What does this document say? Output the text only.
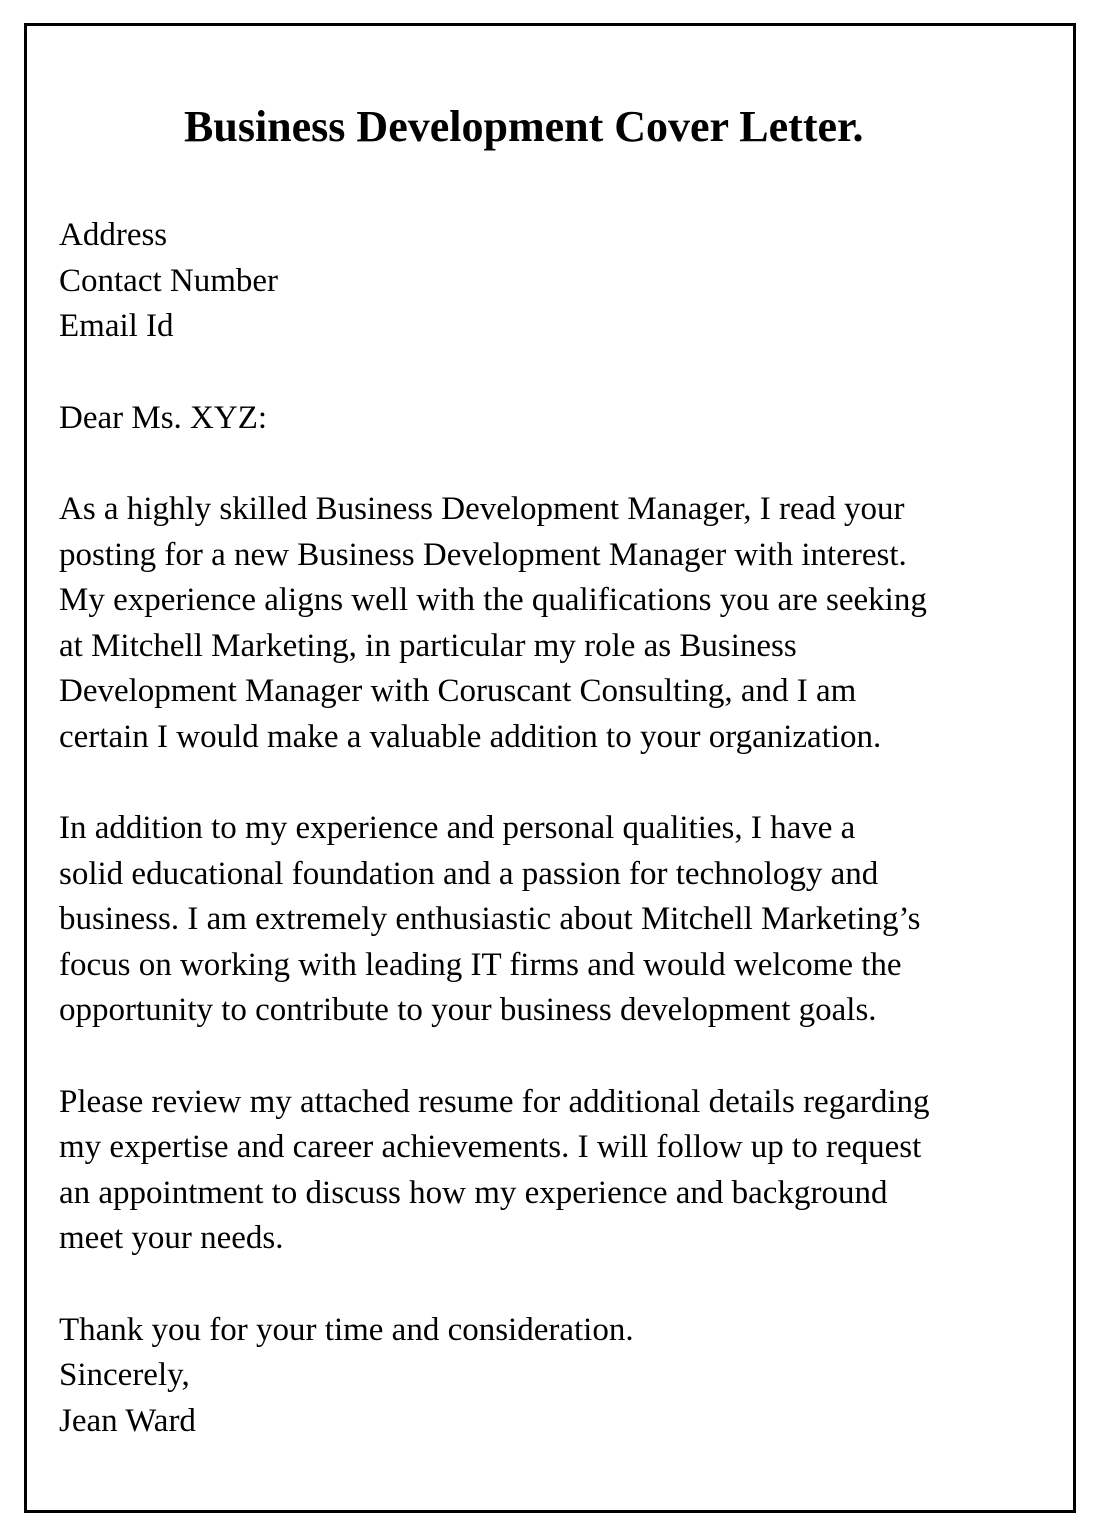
Business Development Cover Letter.
Address
Contact Number
Email Id
Dear Ms. XYZ:
As a highly skilled Business Development Manager, I read your
posting for a new Business Development Manager with interest.
My experience aligns well with the qualifications you are seeking
at Mitchell Marketing, in particular my role as Business
Development Manager with Coruscant Consulting, and I am
certain I would make a valuable addition to your organization.
In addition to my experience and personal qualities, I have a
solid educational foundation and a passion for technology and
business. I am extremely enthusiastic about Mitchell Marketing’s
focus on working with leading IT firms and would welcome the
opportunity to contribute to your business development goals.
Please review my attached resume for additional details regarding
my expertise and career achievements. I will follow up to request
an appointment to discuss how my experience and background
meet your needs.
Thank you for your time and consideration.
Sincerely,
Jean Ward
